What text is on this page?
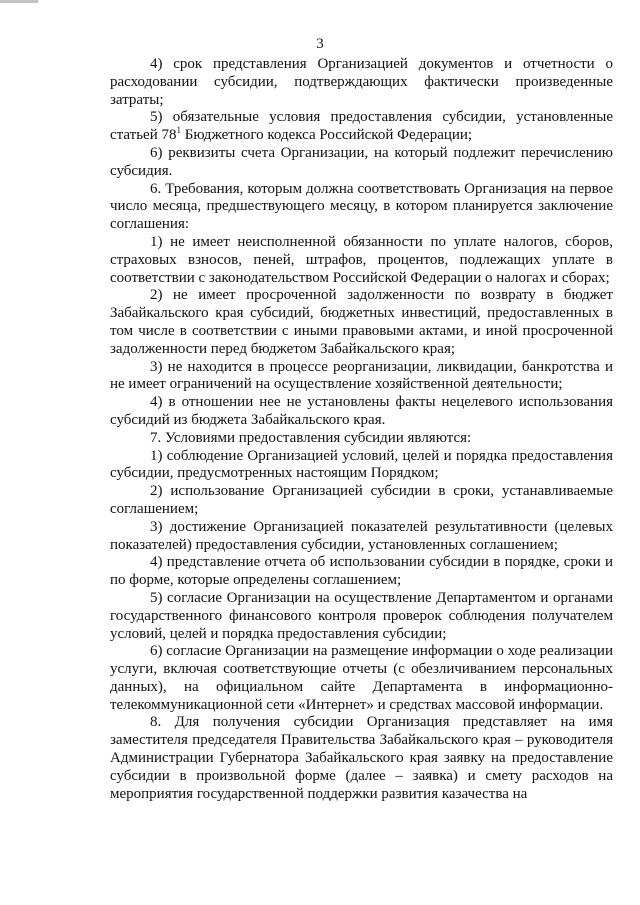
3

4) срок представления Организацией документов и отчетности о расходовании субсидии, подтверждающих фактически произведенные затраты;

5) обязательные условия предоставления субсидии, установленные статьей $78^1$ Бюджетного кодекса Российской Федерации;

6) реквизиты счета Организации, на который подлежит перечислению субсидия.

6. Требования, которым должна соответствовать Организация на первое число месяца, предшествующего месяцу, в котором планируется заключение соглашения:

1) не имеет неисполненной обязанности по уплате налогов, сборов, страховых взносов, пеней, штрафов, процентов, подлежащих уплате в соответствии с законодательством Российской Федерации о налогах и сборах;

2) не имеет просроченной задолженности по возврату в бюджет Забайкальского края субсидий, бюджетных инвестиций, предоставленных в том числе в соответствии с иными правовыми актами, и иной просроченной задолженности перед бюджетом Забайкальского края;

3) не находится в процессе реорганизации, ликвидации, банкротства и не имеет ограничений на осуществление хозяйственной деятельности;

4) в отношении нее не установлены факты нецелевого использования субсидий из бюджета Забайкальского края.

7. Условиями предоставления субсидии являются:

1) соблюдение Организацией условий, целей и порядка предоставления субсидии, предусмотренных настоящим Порядком;

2) использование Организацией субсидии в сроки, устанавливаемые соглашением;

3) достижение Организацией показателей результативности (целевых показателей) предоставления субсидии, установленных соглашением;

4) представление отчета об использовании субсидии в порядке, сроки и по форме, которые определены соглашением;

5) согласие Организации на осуществление Департаментом и органами государственного финансового контроля проверок соблюдения получателем условий, целей и порядка предоставления субсидии;

6) согласие Организации на размещение информации о ходе реализации услуги, включая соответствующие отчеты (с обезличиванием персональных данных), на официальном сайте Департамента в информационно-телекоммуникационной сети «Интернет» и средствах массовой информации.

8. Для получения субсидии Организация представляет на имя заместителя председателя Правительства Забайкальского края – руководителя Администрации Губернатора Забайкальского края заявку на предоставление субсидии в произвольной форме (далее – заявка) и смету расходов на мероприятия государственной поддержки развития казачества на
